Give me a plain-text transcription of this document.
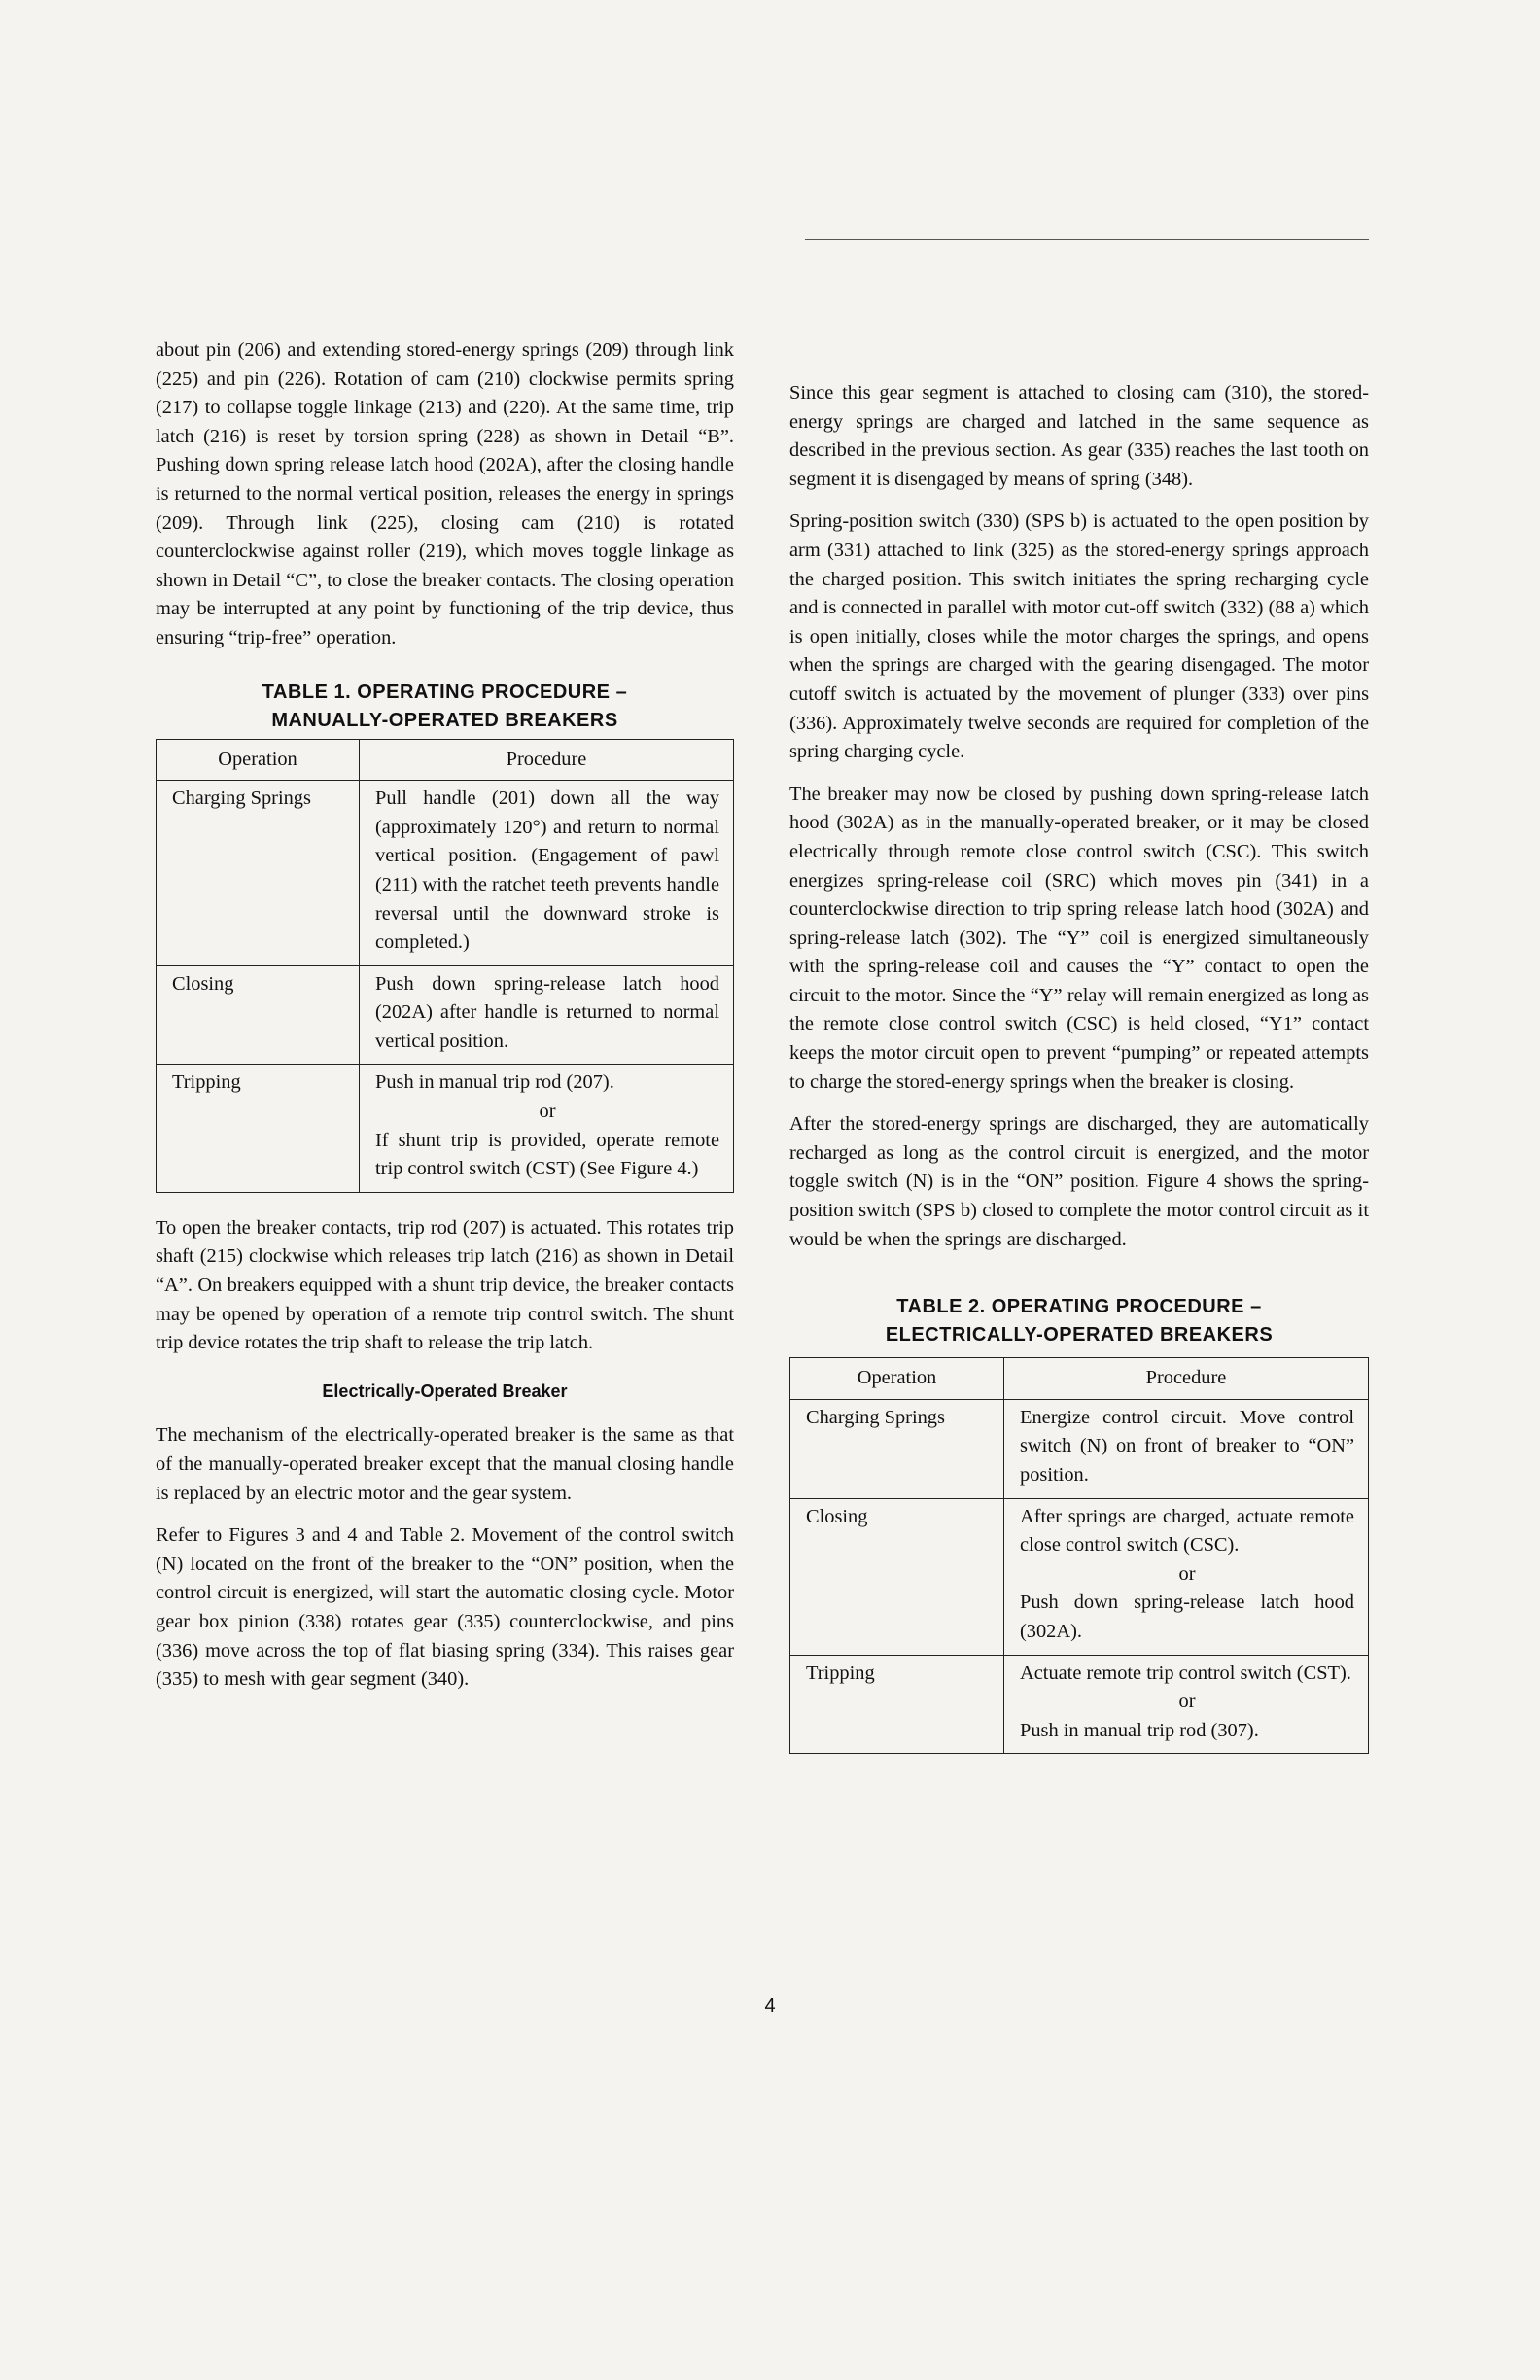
about pin (206) and extending stored-energy springs (209) through link (225) and pin (226). Rotation of cam (210) clockwise permits spring (217) to collapse toggle linkage (213) and (220). At the same time, trip latch (216) is reset by torsion spring (228) as shown in Detail “B”. Pushing down spring release latch hood (202A), after the closing handle is returned to the normal vertical position, releases the energy in springs (209). Through link (225), closing cam (210) is rotated counterclockwise against roller (219), which moves toggle linkage as shown in Detail “C”, to close the breaker contacts. The closing operation may be interrupted at any point by functioning of the trip device, thus ensuring “trip-free” operation.

TABLE 1. OPERATING PROCEDURE –
MANUALLY-OPERATED BREAKERS
Operation	Procedure
Charging Springs	Pull handle (201) down all the way (approximately 120°) and return to normal vertical position. (Engagement of pawl (211) with the ratchet teeth prevents handle reversal until the downward stroke is completed.)
Closing	Push down spring-release latch hood (202A) after handle is returned to normal vertical position.
Tripping	Push in manual trip rod (207).
or
If shunt trip is provided, operate remote trip control switch (CST) (See Figure 4.)

To open the breaker contacts, trip rod (207) is actuated. This rotates trip shaft (215) clockwise which releases trip latch (216) as shown in Detail “A”. On breakers equipped with a shunt trip device, the breaker contacts may be opened by operation of a remote trip control switch. The shunt trip device rotates the trip shaft to release the trip latch.

Electrically-Operated Breaker

The mechanism of the electrically-operated breaker is the same as that of the manually-operated breaker except that the manual closing handle is replaced by an electric motor and the gear system.

Refer to Figures 3 and 4 and Table 2. Movement of the control switch (N) located on the front of the breaker to the “ON” position, when the control circuit is energized, will start the automatic closing cycle. Motor gear box pinion (338) rotates gear (335) counterclockwise, and pins (336) move across the top of flat biasing spring (334). This raises gear (335) to mesh with gear segment (340).

Since this gear segment is attached to closing cam (310), the stored-energy springs are charged and latched in the same sequence as described in the previous section. As gear (335) reaches the last tooth on segment it is disengaged by means of spring (348).

Spring-position switch (330) (SPS b) is actuated to the open position by arm (331) attached to link (325) as the stored-energy springs approach the charged position. This switch initiates the spring recharging cycle and is connected in parallel with motor cut-off switch (332) (88 a) which is open initially, closes while the motor charges the springs, and opens when the springs are charged with the gearing disengaged. The motor cutoff switch is actuated by the movement of plunger (333) over pins (336). Approximately twelve seconds are required for completion of the spring charging cycle.

The breaker may now be closed by pushing down spring-release latch hood (302A) as in the manually-operated breaker, or it may be closed electrically through remote close control switch (CSC). This switch energizes spring-release coil (SRC) which moves pin (341) in a counterclockwise direction to trip spring release latch hood (302A) and spring-release latch (302). The “Y” coil is energized simultaneously with the spring-release coil and causes the “Y” contact to open the circuit to the motor. Since the “Y” relay will remain energized as long as the remote close control switch (CSC) is held closed, “Y1” contact keeps the motor circuit open to prevent “pumping” or repeated attempts to charge the stored-energy springs when the breaker is closing.

After the stored-energy springs are discharged, they are automatically recharged as long as the control circuit is energized, and the motor toggle switch (N) is in the “ON” position. Figure 4 shows the spring-position switch (SPS b) closed to complete the motor control circuit as it would be when the springs are discharged.

TABLE 2. OPERATING PROCEDURE –
ELECTRICALLY-OPERATED BREAKERS
Operation	Procedure
Charging Springs	Energize control circuit. Move control switch (N) on front of breaker to “ON” position.
Closing	After springs are charged, actuate remote close control switch (CSC).
or
Push down spring-release latch hood (302A).
Tripping	Actuate remote trip control switch (CST).
or
Push in manual trip rod (307).
4
